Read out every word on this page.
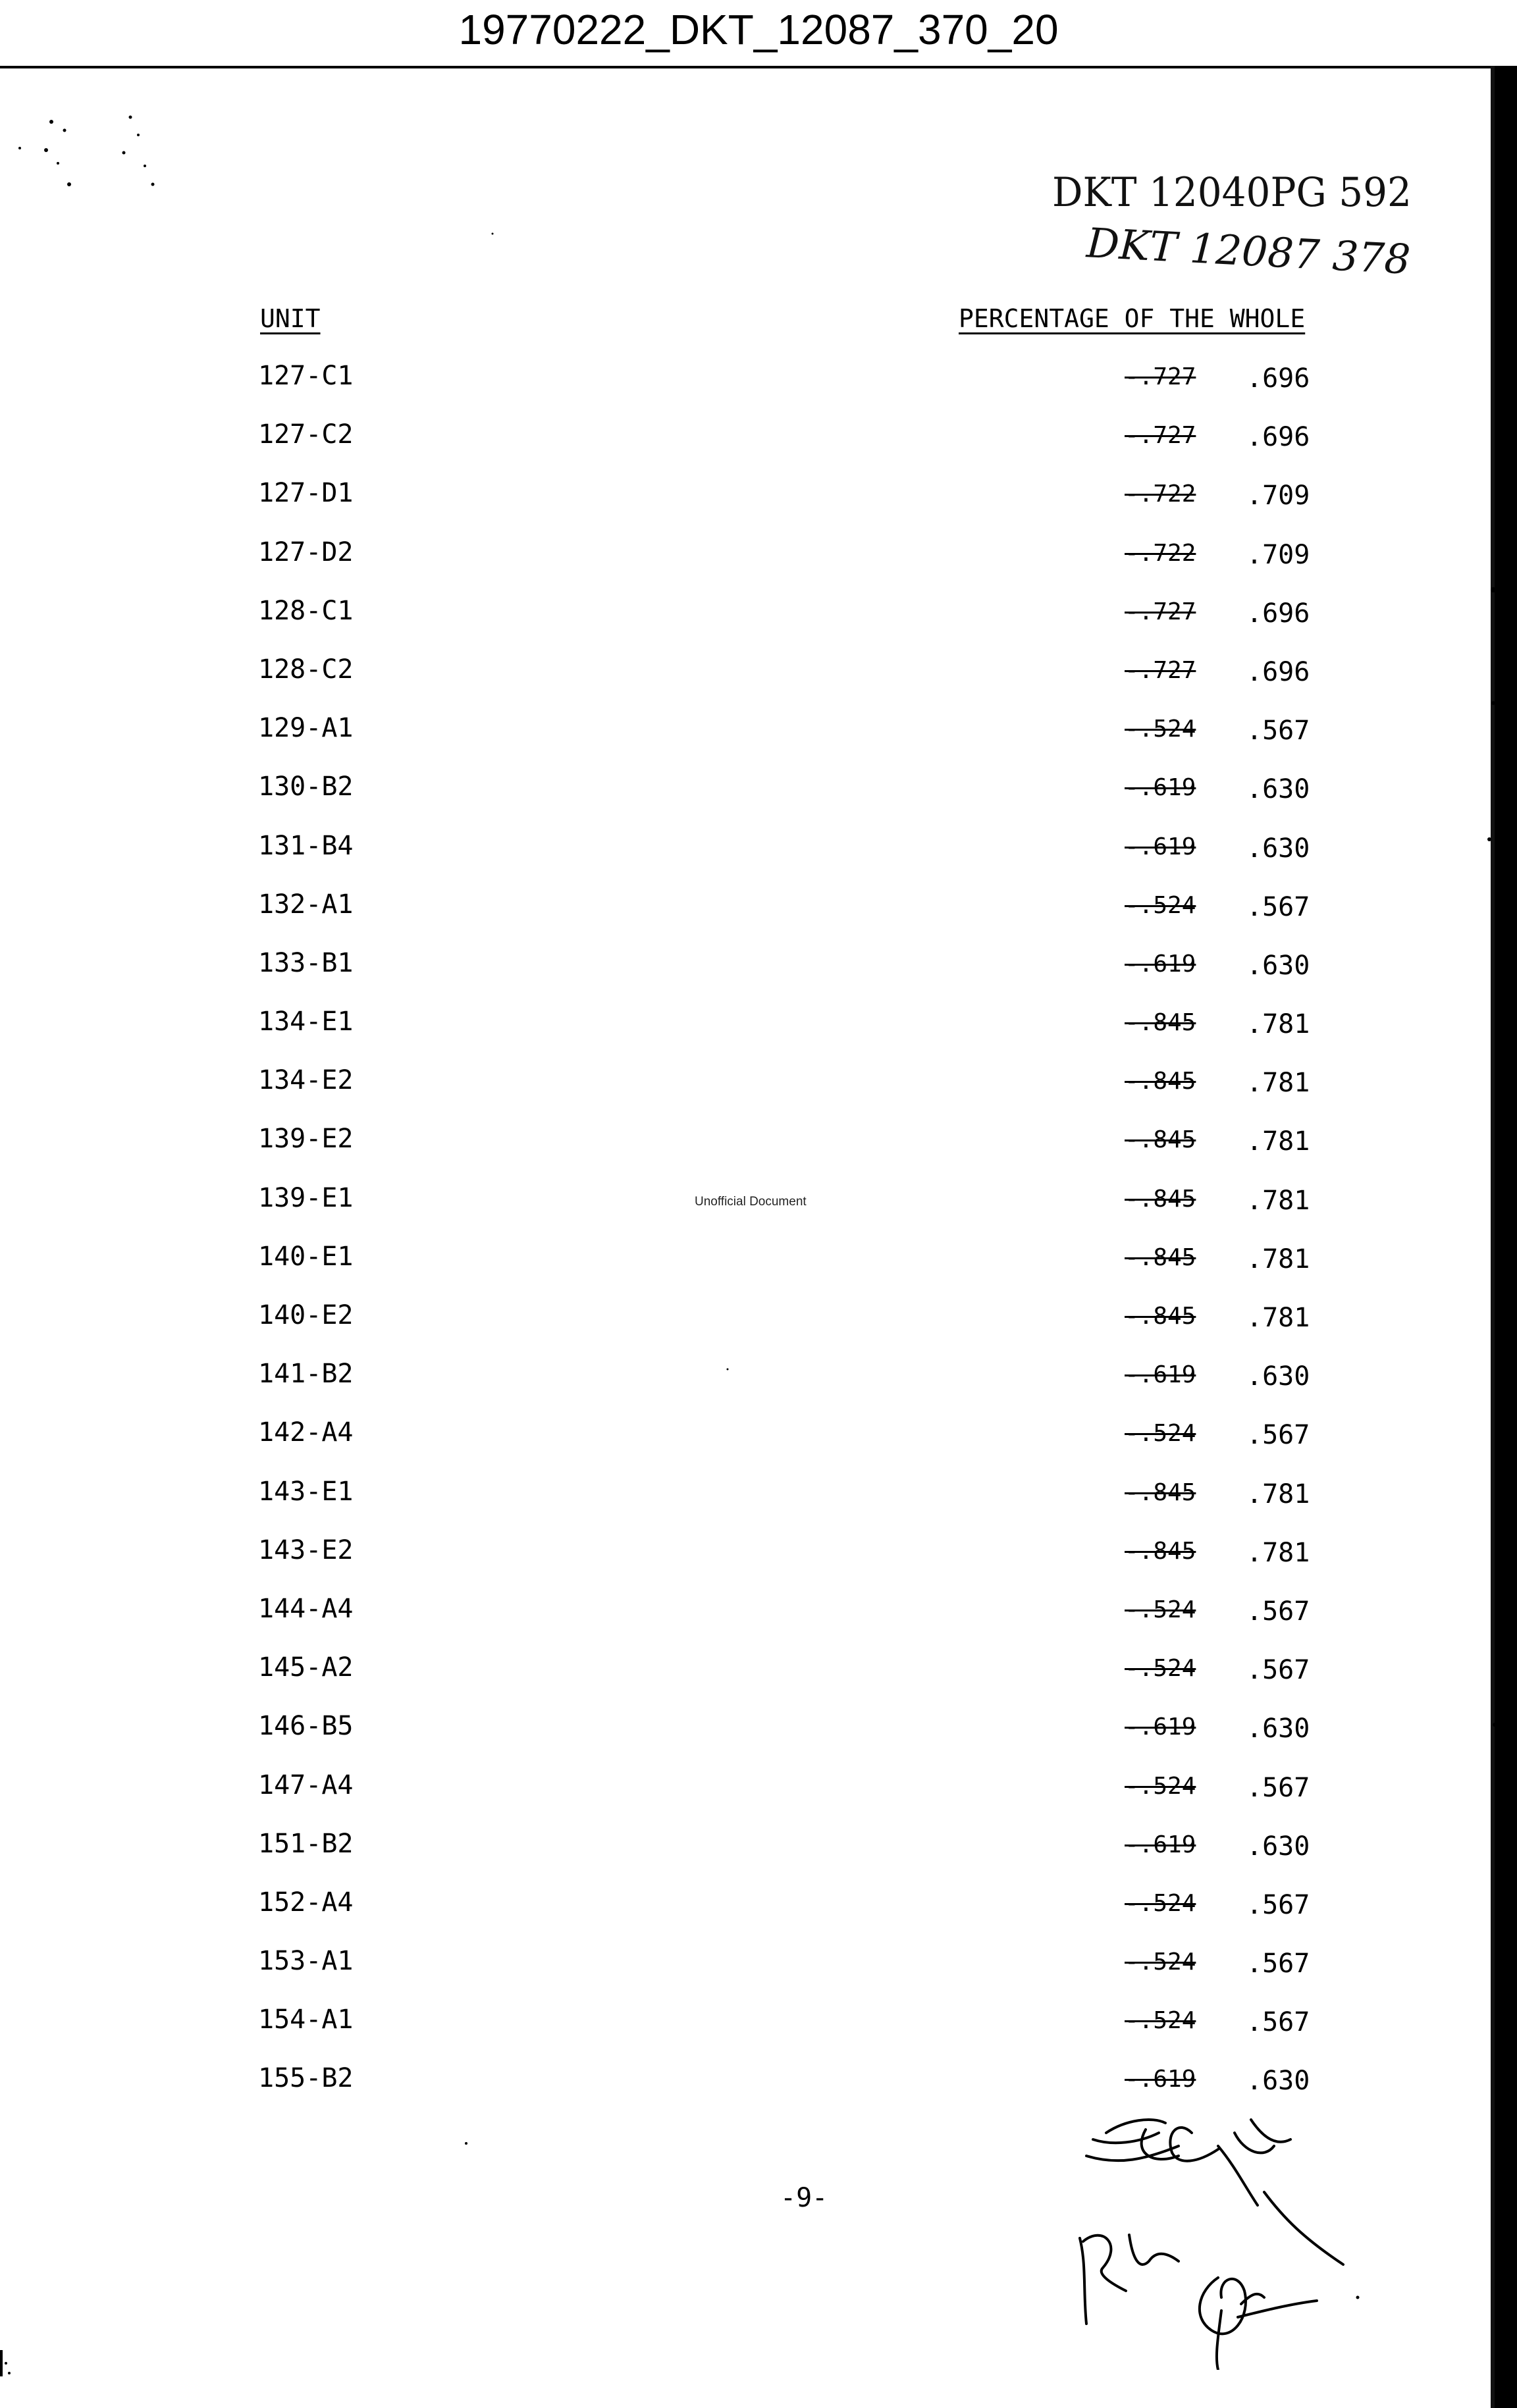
19770222_DKT_12087_370_20
DKT 12040PG 592
DKT 12087 378
UNIT	PERCENTAGE OF THE WHOLE
127-C1	-.727 .696
127-C2	-.727 .696
127-D1	-.722 .709
127-D2	-.722 .709
128-C1	-.727 .696
128-C2	-.727 .696
129-A1	-.524 .567
130-B2	-.619 .630
131-B4	-.619 .630
132-A1	-.524 .567
133-B1	-.619 .630
134-E1	-.845 .781
134-E2	-.845 .781
139-E2	-.845 .781
139-E1	-.845 .781
140-E1	-.845 .781
140-E2	-.845 .781
141-B2	-.619 .630
142-A4	-.524 .567
143-E1	-.845 .781
143-E2	-.845 .781
144-A4	-.524 .567
145-A2	-.524 .567
146-B5	-.619 .630
147-A4	-.524 .567
151-B2	-.619 .630
152-A4	-.524 .567
153-A1	-.524 .567
154-A1	-.524 .567
155-B2	-.619 .630
Unofficial Document
-9-
